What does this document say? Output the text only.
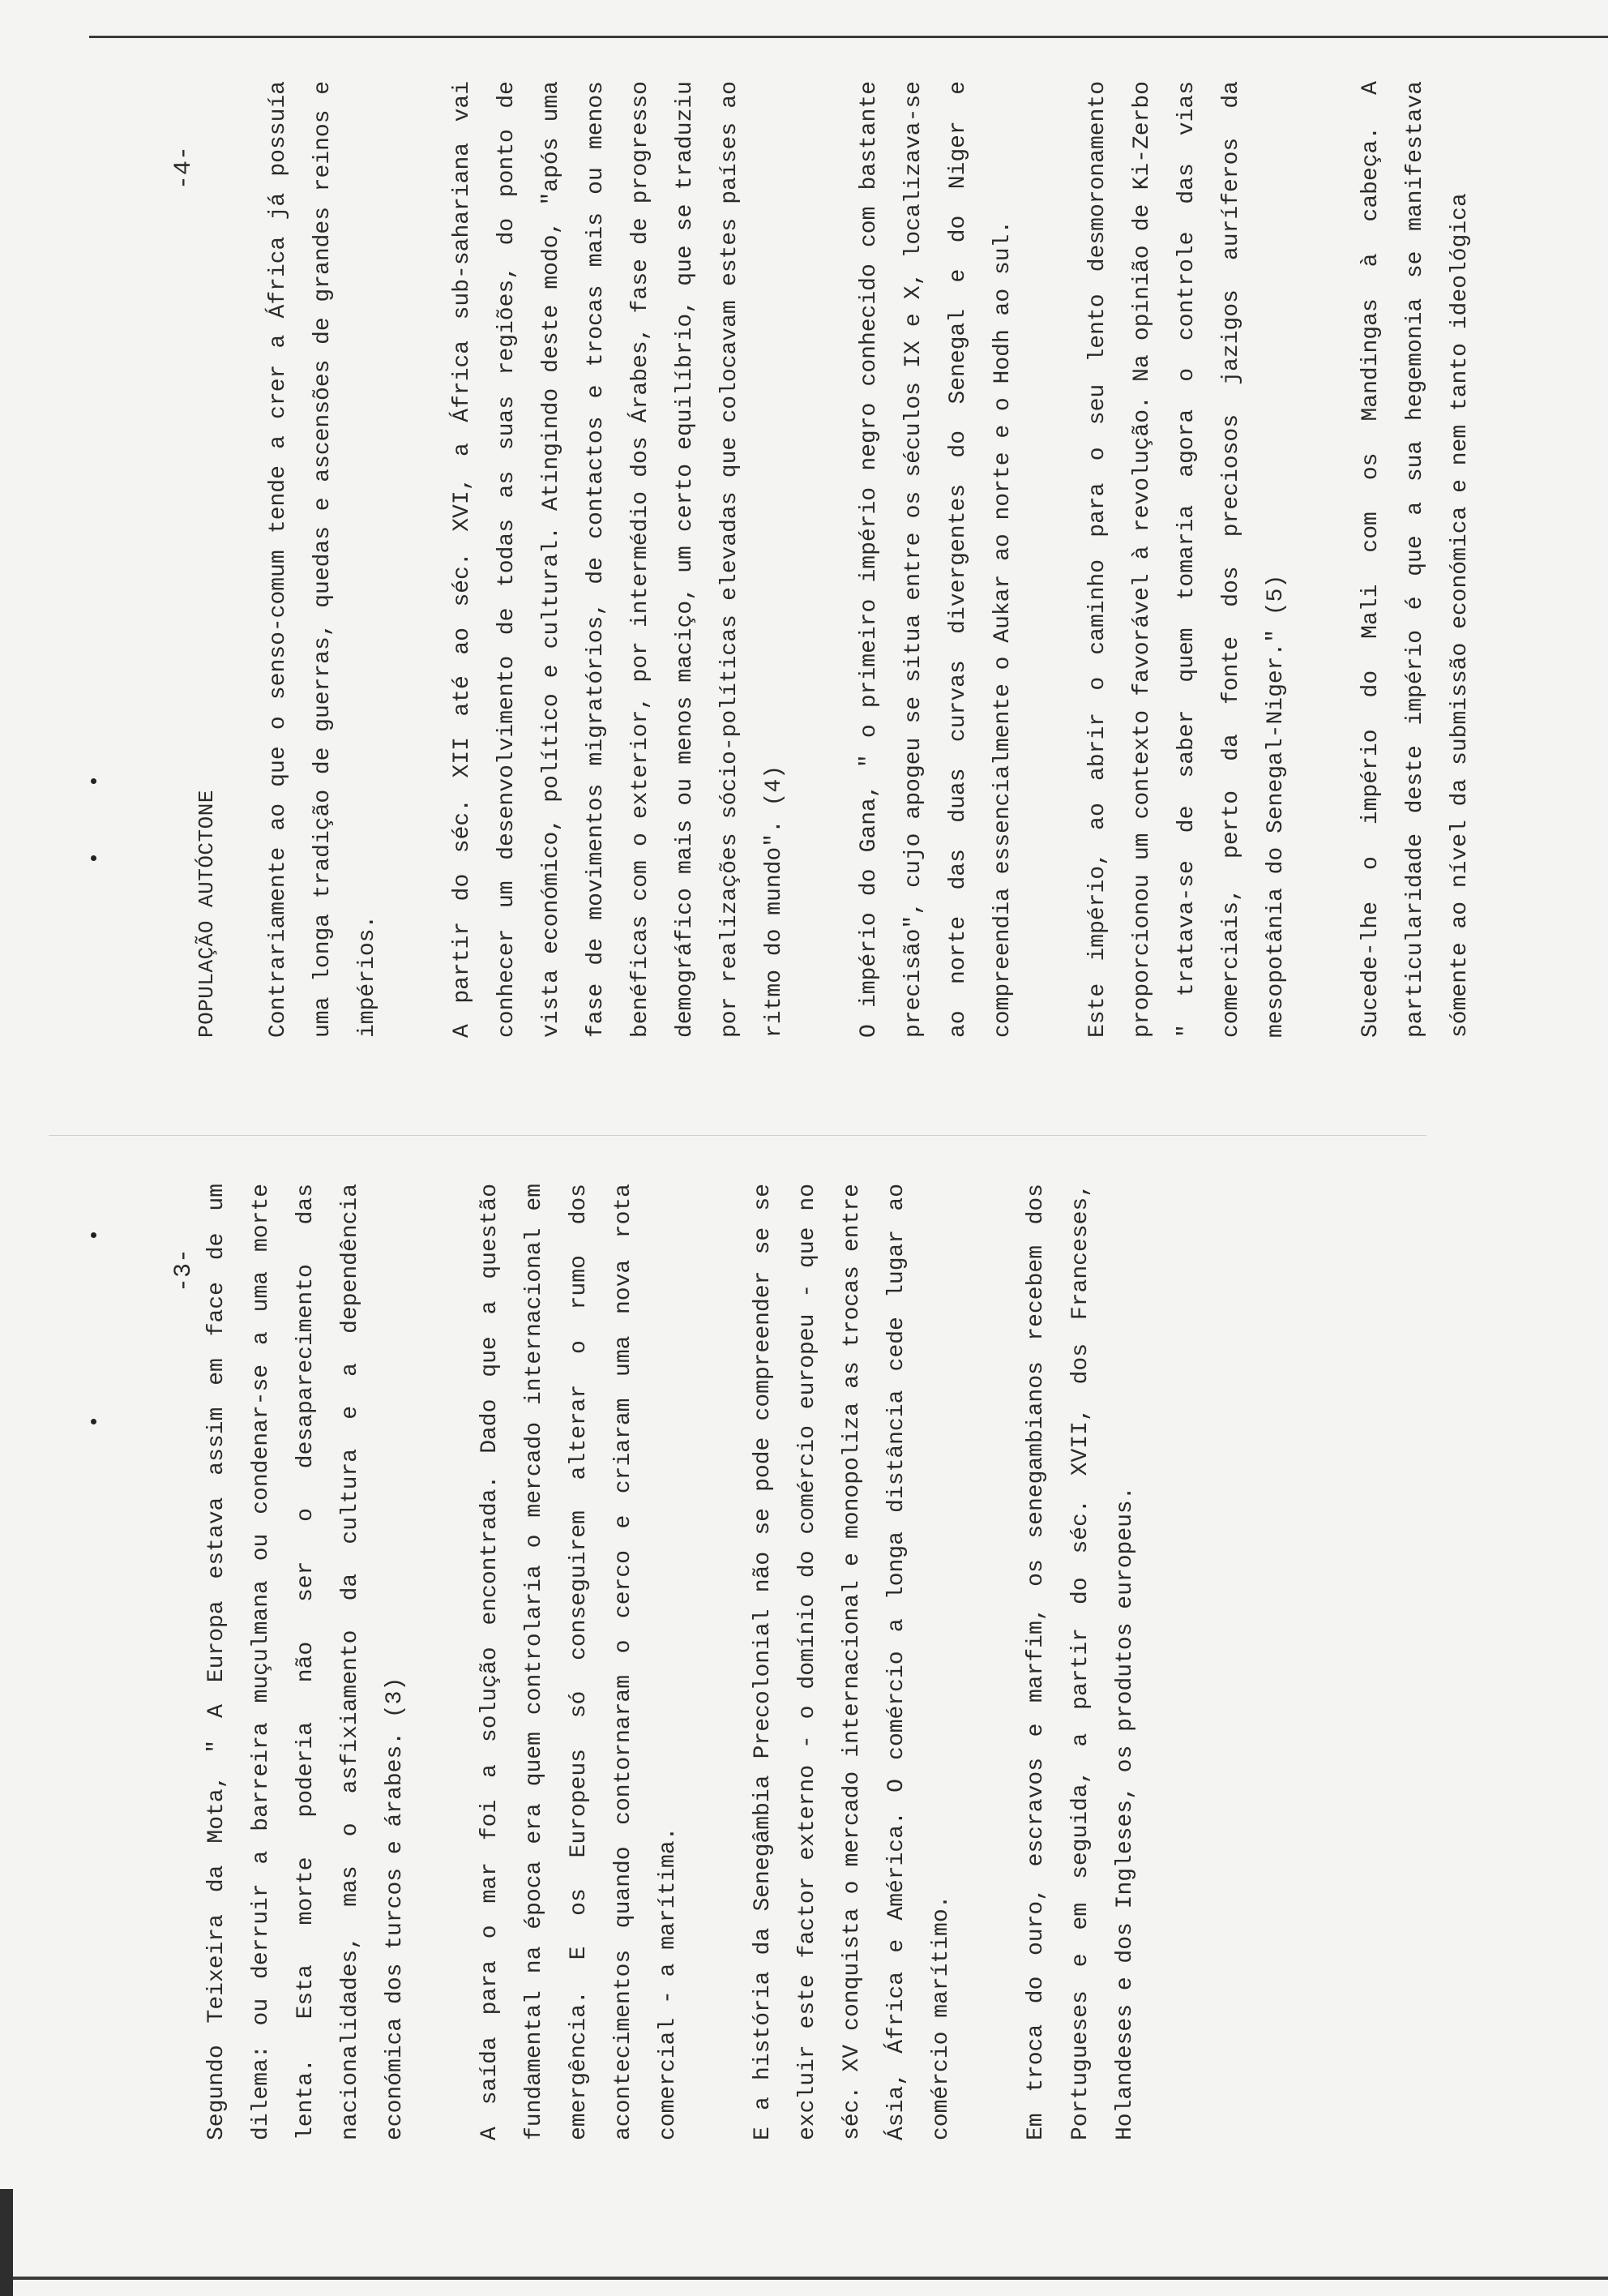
-3- Segundo Teixeira da Mota, " A Europa estava assim em face de um dilema: ou derruir a barreira muçulmana ou condenar-se a uma morte lenta. Esta morte poderia não ser o desaparecimento das nacionalidades, mas o asfixiamento da cultura e a dependência económica dos turcos e árabes. (3)	A saída para o mar foi a solução encontrada. Dado que a questão fundamental na época era quem controlaria o mercado internacional em emergência. E os Europeus só conseguirem alterar o rumo dos acontecimentos quando contornaram o cerco e criaram uma nova rota comercial - a marítima.	E a história da Senegâmbia Precolonial não se pode compreender se se excluir este factor externo - o domínio do comércio europeu - que no séc. XV conquista o mercado internacional e monopoliza as trocas entre Ásia, África e América. O comércio a longa distância cede lugar ao comércio marítimo.	Em troca do ouro, escravos e marfim, os senegambianos recebem dos Portugueses e em seguida, a partir do séc. XVII, dos Franceses, Holandeses e dos Ingleses, os produtos europeus.

-4-
POPULAÇÃO AUTÓCTONE	Contrariamente ao que o senso-comum tende a crer a África já possuía uma longa tradição de guerras, quedas e ascensões de grandes reinos e impérios.	A partir do séc. XII até ao séc. XVI, a África sub-sahariana vai conhecer um desenvolvimento de todas as suas regiões, do ponto de vista económico, político e cultural. Atingindo deste modo, "após uma fase de movimentos migratórios, de contactos e trocas mais ou menos benéficas com o exterior, por intermédio dos Árabes, fase de progresso demográfico mais ou menos maciço, um certo equilíbrio, que se traduziu por realizações sócio-políticas elevadas que colocavam estes países ao ritmo do mundo". (4)	O império do Gana, " o primeiro império negro conhecido com bastante precisão", cujo apogeu se situa entre os séculos IX e X, localizava-se ao norte das duas curvas divergentes do Senegal e do Niger e compreendia essencialmente o Aukar ao norte e o Hodh ao sul.	Este império, ao abrir o caminho para o seu lento desmoronamento proporcionou um contexto favorável à revolução. Na opinião de Ki-Zerbo " tratava-se de saber quem tomaria agora o controle das vias comerciais, perto da fonte dos preciosos jazigos auríferos da mesopotânia do Senegal-Niger." (5)	Sucede-lhe o império do Mali com os Mandingas à cabeça. A particularidade deste império é que a sua hegemonia se manifestava sómente ao nível da submissão económica e nem tanto ideológica
